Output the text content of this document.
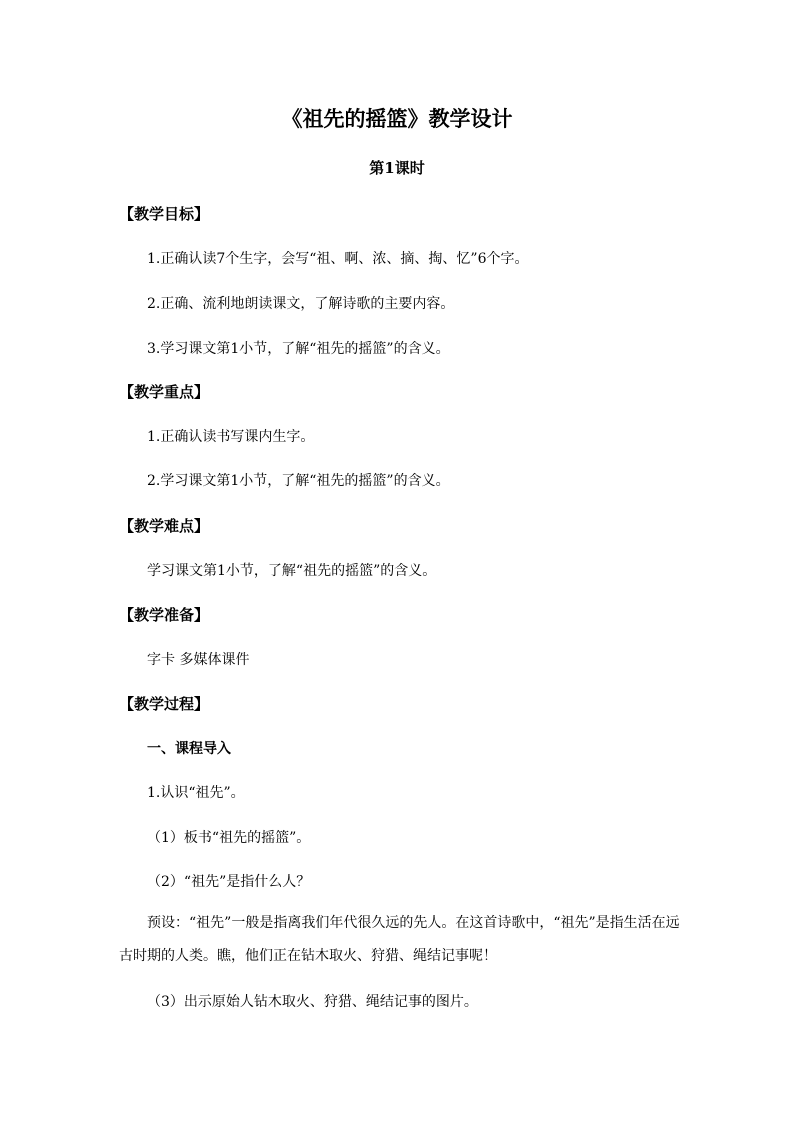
《祖先的摇篮》教学设计
第1课时
【教学目标】
1.正确认读7个生字，会写“祖、啊、浓、摘、掏、忆”6个字。
2.正确、流利地朗读课文，了解诗歌的主要内容。
3.学习课文第1小节，了解“祖先的摇篮”的含义。
【教学重点】
1.正确认读书写课内生字。
2.学习课文第1小节，了解“祖先的摇篮”的含义。
【教学难点】
学习课文第1小节，了解“祖先的摇篮”的含义。
【教学准备】
字卡 多媒体课件
【教学过程】
一、课程导入
1.认识“祖先”。
（1）板书“祖先的摇篮”。
（2）“祖先”是指什么人？
预设：“祖先”一般是指离我们年代很久远的先人。在这首诗歌中，“祖先”是指生活在远古时期的人类。瞧，他们正在钻木取火、狩猎、绳结记事呢！
（3）出示原始人钻木取火、狩猎、绳结记事的图片。
